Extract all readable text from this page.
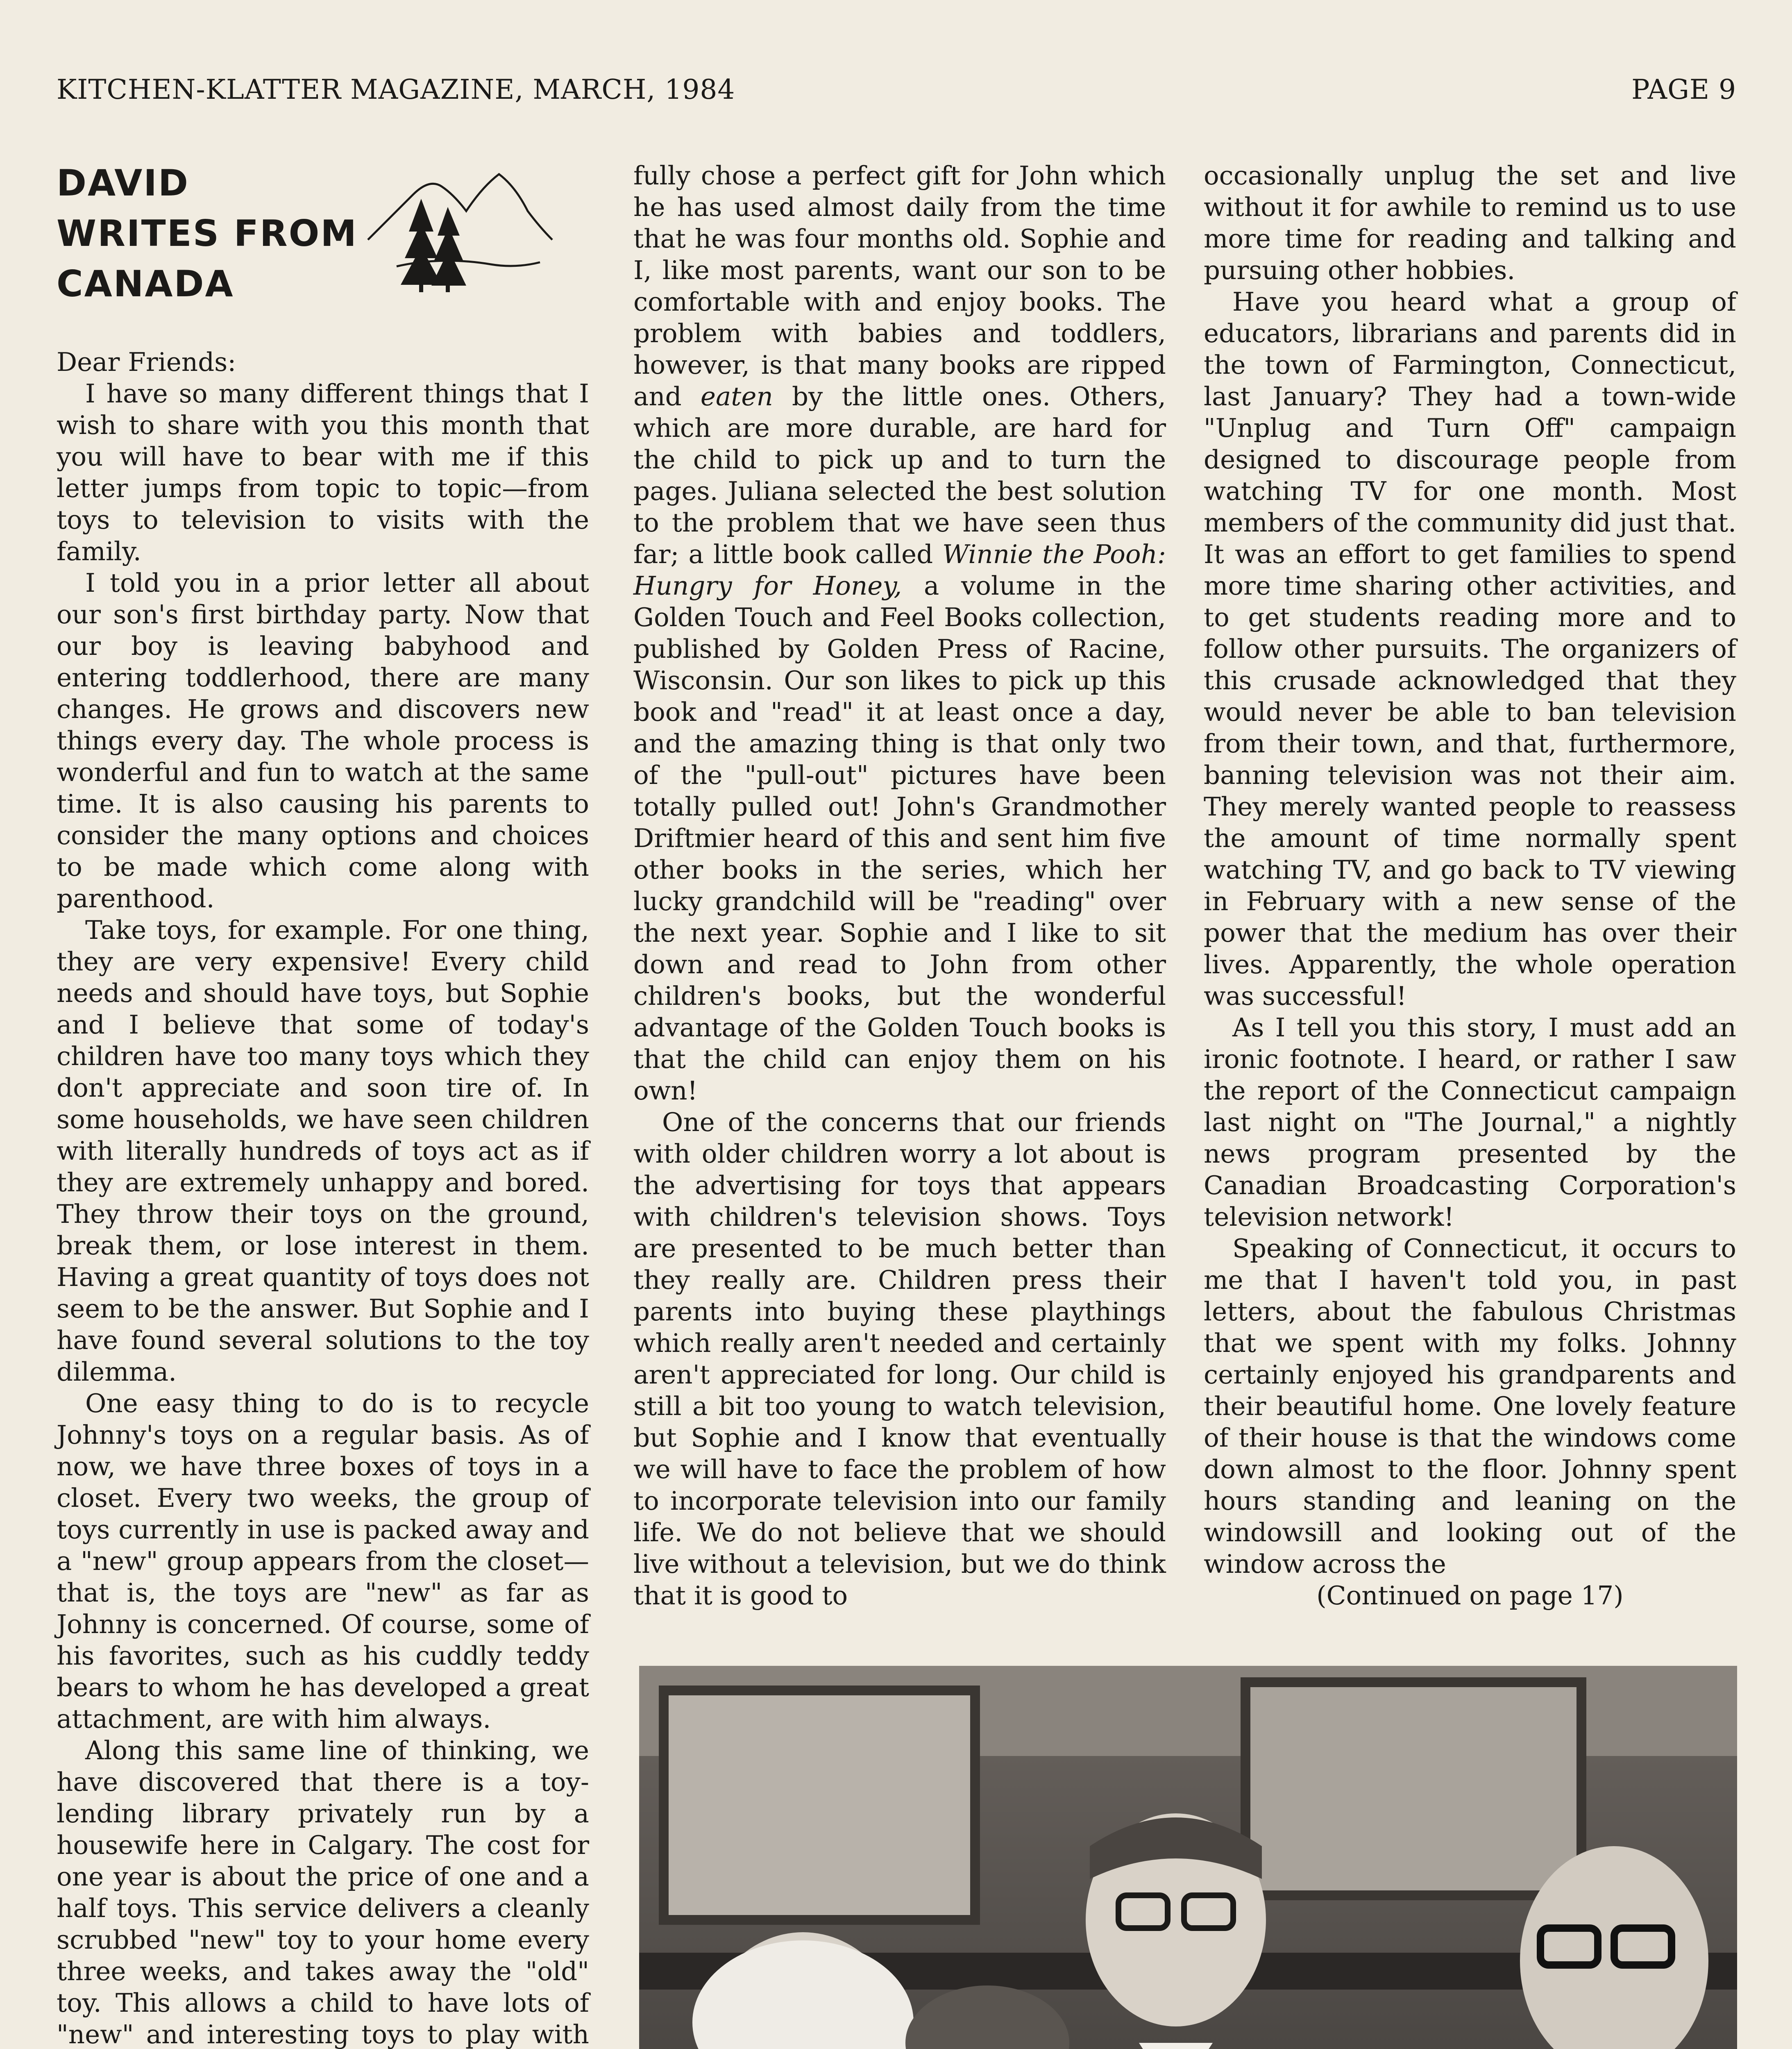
KITCHEN-KLATTER MAGAZINE, MARCH, 1984	PAGE 9
DAVID
WRITES FROM
CANADA

Dear Friends:

I have so many different things that I wish to share with you this month that you will have to bear with me if this letter jumps from topic to topic—from toys to television to visits with the family.

I told you in a prior letter all about our son's first birthday party. Now that our boy is leaving babyhood and entering toddlerhood, there are many changes. He grows and discovers new things every day. The whole process is wonderful and fun to watch at the same time. It is also causing his parents to consider the many options and choices to be made which come along with parenthood.

Take toys, for example. For one thing, they are very expensive! Every child needs and should have toys, but Sophie and I believe that some of today's children have too many toys which they don't appreciate and soon tire of. In some households, we have seen children with literally hundreds of toys act as if they are extremely unhappy and bored. They throw their toys on the ground, break them, or lose interest in them. Having a great quantity of toys does not seem to be the answer. But Sophie and I have found several solutions to the toy dilemma.

One easy thing to do is to recycle Johnny's toys on a regular basis. As of now, we have three boxes of toys in a closet. Every two weeks, the group of toys currently in use is packed away and a "new" group appears from the closet—that is, the toys are "new" as far as Johnny is concerned. Of course, some of his favorites, such as his cuddly teddy bears to whom he has developed a great attachment, are with him always.

Along this same line of thinking, we have discovered that there is a toy-lending library privately run by a housewife here in Calgary. The cost for one year is about the price of one and a half toys. This service delivers a cleanly scrubbed "new" toy to your home every three weeks, and takes away the "old" toy. This allows a child to have lots of "new" and interesting toys to play with

fully chose a perfect gift for John which he has used almost daily from the time that he was four months old. Sophie and I, like most parents, want our son to be comfortable with and enjoy books. The problem with babies and toddlers, however, is that many books are ripped and eaten by the little ones. Others, which are more durable, are hard for the child to pick up and to turn the pages. Juliana selected the best solution to the problem that we have seen thus far; a little book called Winnie the Pooh: Hungry for Honey, a volume in the Golden Touch and Feel Books collection, published by Golden Press of Racine, Wisconsin. Our son likes to pick up this book and "read" it at least once a day, and the amazing thing is that only two of the "pull-out" pictures have been totally pulled out! John's Grandmother Driftmier heard of this and sent him five other books in the series, which her lucky grandchild will be "reading" over the next year. Sophie and I like to sit down and read to John from other children's books, but the wonderful advantage of the Golden Touch books is that the child can enjoy them on his own!

One of the concerns that our friends with older children worry a lot about is the advertising for toys that appears with children's television shows. Toys are presented to be much better than they really are. Children press their parents into buying these playthings which really aren't needed and certainly aren't appreciated for long. Our child is still a bit too young to watch television, but Sophie and I know that eventually we will have to face the problem of how to incorporate television into our family life. We do not believe that we should live without a television, but we do think that it is good to

occasionally unplug the set and live without it for awhile to remind us to use more time for reading and talking and pursuing other hobbies.

Have you heard what a group of educators, librarians and parents did in the town of Farmington, Connecticut, last January? They had a town-wide "Unplug and Turn Off" campaign designed to discourage people from watching TV for one month. Most members of the community did just that. It was an effort to get families to spend more time sharing other activities, and to get students reading more and to follow other pursuits. The organizers of this crusade acknowledged that they would never be able to ban television from their town, and that, furthermore, banning television was not their aim. They merely wanted people to reassess the amount of time normally spent watching TV, and go back to TV viewing in February with a new sense of the power that the medium has over their lives. Apparently, the whole operation was successful!

As I tell you this story, I must add an ironic footnote. I heard, or rather I saw the report of the Connecticut campaign last night on "The Journal," a nightly news program presented by the Canadian Broadcasting Corporation's television network!

Speaking of Connecticut, it occurs to me that I haven't told you, in past letters, about the fabulous Christmas that we spent with my folks. Johnny certainly enjoyed his grandparents and their beautiful home. One lovely feature of their house is that the windows come down almost to the floor. Johnny spent hours standing and leaning on the windowsill and looking out of the window across the

(Continued on page 17)
